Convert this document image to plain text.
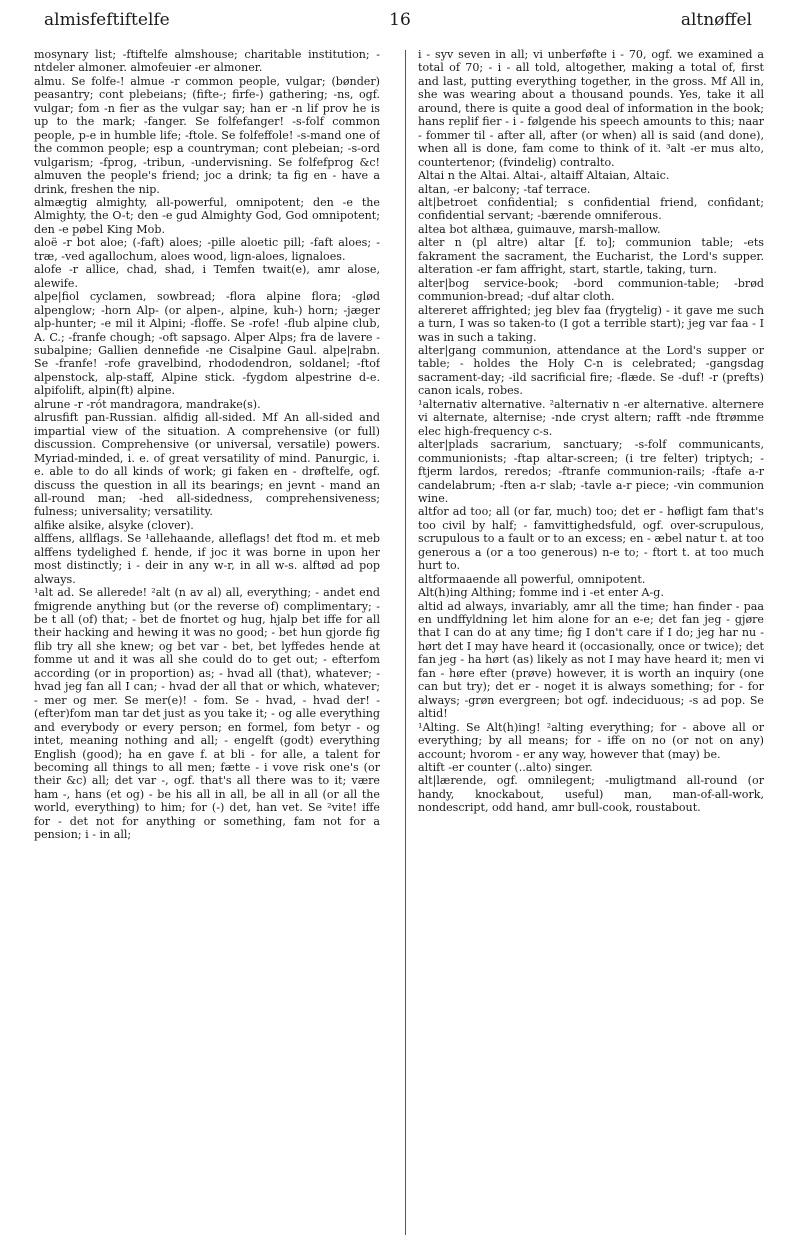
almisfeftiftelfe	16	altnøffel

mosynary list; -ftiftelfe almshouse; charitable institution; -ntdeler almoner. almofeuier -er almoner.

almu. Se folfe-! almue -r common people, vulgar; (bønder) peasantry; cont plebeians; (fifte-; firfe-) gathering; -ns, ogf. vulgar; fom -n fier as the vulgar say; han er -n lif prov he is up to the mark; -fanger. Se folfefanger! -s-folf common people, p-e in humble life; -ftole. Se folfeffole! -s-mand one of the common people; esp a countryman; cont plebeian; -s-ord vulgarism; -fprog, -tribun, -undervisning. Se folfefprog &c! almuven the people's friend; joc a drink; ta fig en - have a drink, freshen the nip.

almægtig almighty, all-powerful, omnipotent; den -e the Almighty, the O-t; den -e gud Almighty God, God omnipotent; den -e pøbel King Mob.

aloë -r bot aloe; (-faft) aloes; -pille aloetic pill; -faft aloes; -træ, -ved agallochum, aloes wood, lign-aloes, lignaloes.

alofe -r allice, chad, shad, i Temfen twait(e), amr alose, alewife.

alpe|fiol cyclamen, sowbread; -flora alpine flora; -glød alpenglow; -horn Alp- (or alpen-, alpine, kuh-) horn; -jæger alp-hunter; -e mil it Alpini; -floffe. Se -rofe! -flub alpine club, A. C.; -franfe chough; -oft sapsago. Alper Alps; fra de lavere - subalpine; Gallien dennefide -ne Cisalpine Gaul. alpe|rabn. Se -franfe! -rofe gravelbind, rhododendron, soldanel; -ftof alpenstock, alp-staff, Alpine stick. -fygdom alpestrine d-e. alpifolift, alpin(ft) alpine.

alrune -r -rót mandragora, mandrake(s).

alrusfift pan-Russian. alfidig all-sided. Mf An all-sided and impartial view of the situation. A comprehensive (or full) discussion. Comprehensive (or universal, versatile) powers. Myriad-minded, i. e. of great versatility of mind. Panurgic, i. e. able to do all kinds of work; gi faken en - drøftelfe, ogf. discuss the question in all its bearings; en jevnt - mand an all-round man; -hed all-sidedness, comprehensiveness; fulness; universality; versatility.

alfike alsike, alsyke (clover).

alffens, allflags. Se ¹allehaande, alleflags! det ftod m. et meb alffens tydelighed f. hende, if joc it was borne in upon her most distinctly; i - deir in any w-r, in all w-s. alftød ad pop always.

¹alt ad. Se allerede! ²alt (n av al) all, everything; - andet end fmigrende anything but (or the reverse of) complimentary; - be t all (of) that; - bet de fnortet og hug, hjalp bet iffe for all their hacking and hewing it was no good; - bet hun gjorde fig flib try all she knew; og bet var - bet, bet lyffedes hende at fomme ut and it was all she could do to get out; - efterfom according (or in proportion) as; - hvad all (that), whatever; - hvad jeg fan all I can; - hvad der all that or which, whatever; - mer og mer. Se mer(e)! - fom. Se - hvad, - hvad der! - (efter)fom man tar det just as you take it; - og alle everything and everybody or every person; en formel, fom betyr - og intet, meaning nothing and all; - engelft (godt) everything English (good); ha en gave f. at bli - for alle, a talent for becoming all things to all men; fætte - i vove risk one's (or their &c) all; det var -, ogf. that's all there was to it; være ham -, hans (et og) - be his all in all, be all in all (or all the world, everything) to him; for (-) det, han vet. Se ²vite! iffe for - det not for anything or something, fam not for a pension; i - in all;

i - syv seven in all; vi unberføfte i - 70, ogf. we examined a total of 70; - i - all told, altogether, making a total of, first and last, putting everything together, in the gross. Mf All in, she was wearing about a thousand pounds. Yes, take it all around, there is quite a good deal of information in the book; hans replif fier - i - følgende his speech amounts to this; naar - fommer til - after all, after (or when) all is said (and done), when all is done, fam come to think of it. ³alt -er mus alto, countertenor; (fvindelig) contralto.

Altai n the Altai. Altai-, altaiff Altaian, Altaic.

altan, -er balcony; -taf terrace.

alt|betroet confidential; s confidential friend, confidant; confidential servant; -bærende omniferous.

altea bot althæa, guimauve, marsh-mallow.

alter n (pl altre) altar [f. to]; communion table; -ets fakrament the sacrament, the Eucharist, the Lord's supper. alteration -er fam affright, start, startle, taking, turn.

alter|bog service-book; -bord communion-table; -brød communion-bread; -duf altar cloth.

altereret affrighted; jeg blev faa (frygtelig) - it gave me such a turn, I was so taken-to (I got a terrible start); jeg var faa - I was in such a taking.

alter|gang communion, attendance at the Lord's supper or table; - holdes the Holy C-n is celebrated; -gangsdag sacrament-day; -ild sacrificial fire; -flæde. Se -duf! -r (prefts) canon icals, robes.

¹alternativ alternative. ²alternativ n -er alternative. alternere vi alternate, alternise; -nde cryst altern; rafft -nde ftrømme elec high-frequency c-s.

alter|plads sacrarium, sanctuary; -s-folf communicants, communionists; -ftap altar-screen; (i tre felter) triptych; -ftjerm lardos, reredos; -ftranfe communion-rails; -ftafe a-r candelabrum; -ften a-r slab; -tavle a-r piece; -vin communion wine.

altfor ad too; all (or far, much) too; det er - høfligt fam that's too civil by half; - famvittighedsfuld, ogf. over-scrupulous, scrupulous to a fault or to an excess; en - æbel natur t. at too generous a (or a too generous) n-e to; - ftort t. at too much hurt to.

altformaaende all powerful, omnipotent.

Alt(h)ing Althing; fomme ind i -et enter A-g.

altid ad always, invariably, amr all the time; han finder - paa en undffyldning let him alone for an e-e; det fan jeg - gjøre that I can do at any time; fig I don't care if I do; jeg har nu - hørt det I may have heard it (occasionally, once or twice); det fan jeg - ha hørt (as) likely as not I may have heard it; men vi fan - høre efter (prøve) however, it is worth an inquiry (one can but try); det er - noget it is always something; for - for always; -grøn evergreen; bot ogf. indeciduous; -s ad pop. Se altid!

¹Alting. Se Alt(h)ing! ²alting everything; for - above all or everything; by all means; for - iffe on no (or not on any) account; hvorom - er any way, however that (may) be.

altift -er counter (..alto) singer.

alt|lærende, ogf. omnilegent; -muligtmand all-round (or handy, knockabout, useful) man, man-of-all-work, nondescript, odd hand, amr bull-cook, roustabout.
